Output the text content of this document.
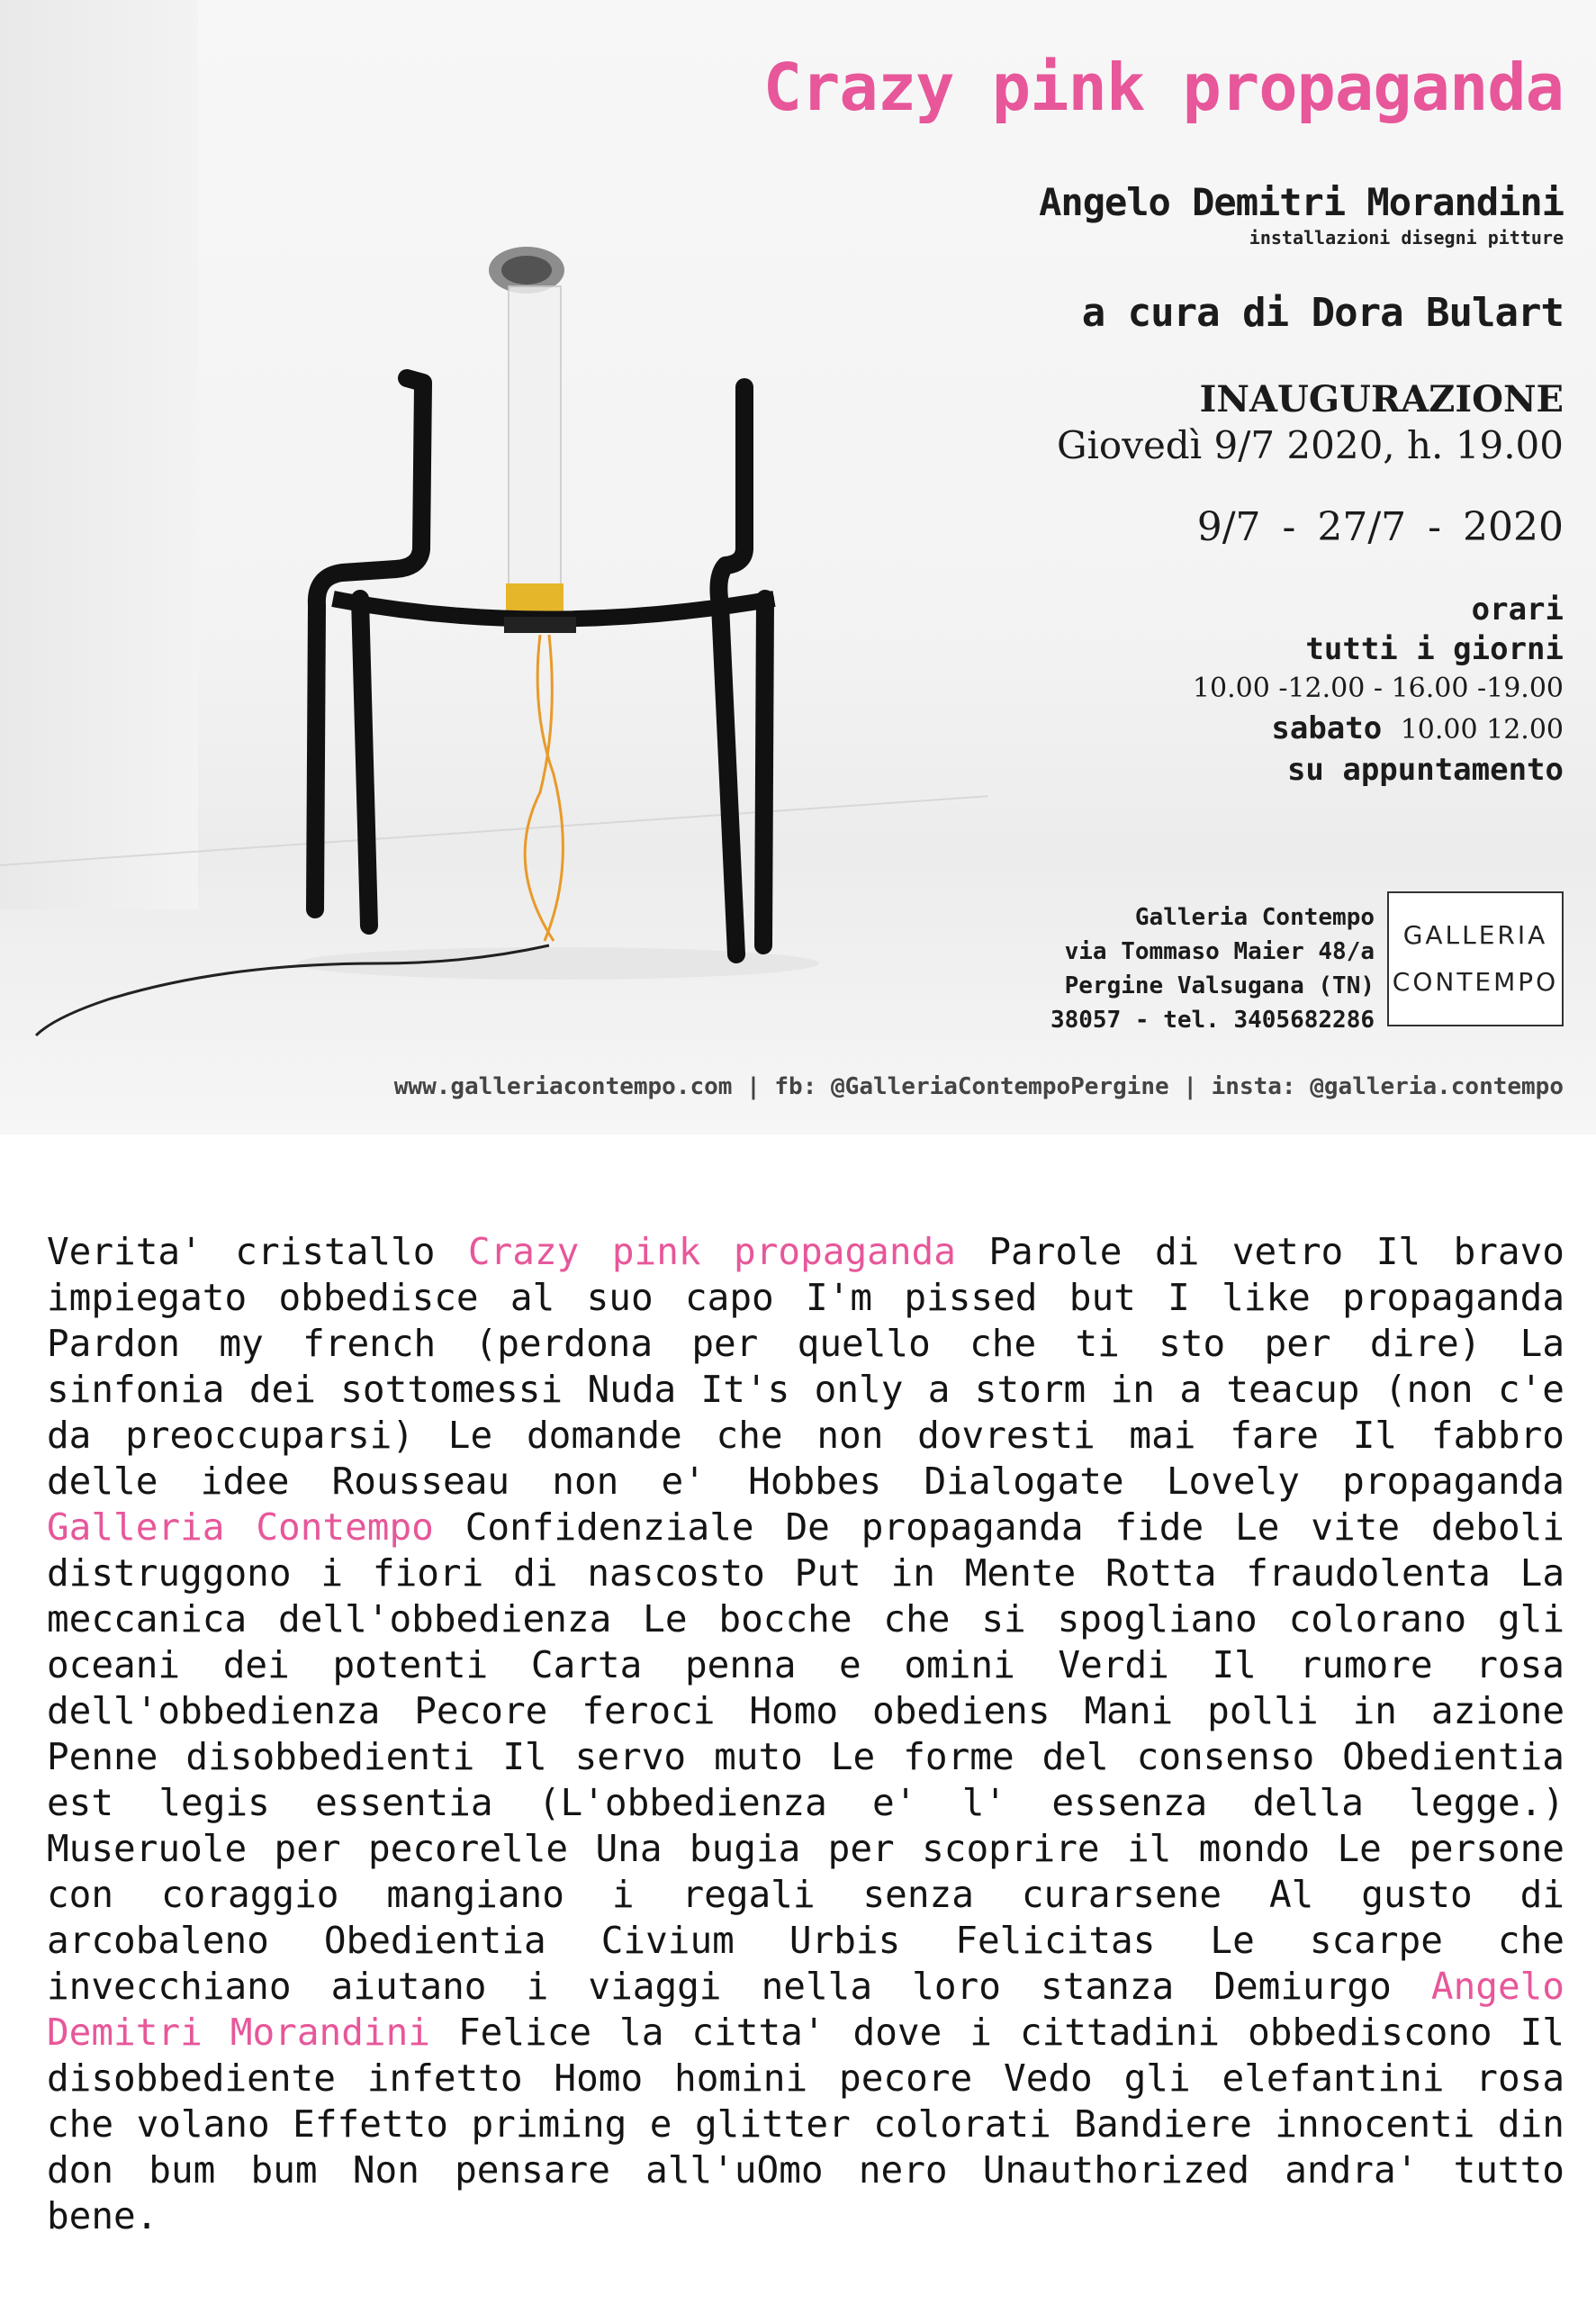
Crazy pink propaganda
Angelo Demitri Morandini
installazioni disegni pitture
a cura di Dora Bulart
INAUGURAZIONE
Giovedì 9/7 2020, h. 19.00
9/7 - 27/7 - 2020
orari
tutti i giorni
10.00 -12.00 - 16.00 -19.00
sabato 10.00 12.00
su appuntamento
Galleria Contempo
via Tommaso Maier 48/a
Pergine Valsugana (TN)
38057 - tel. 3405682286
GALLERIA
CONTEMPO
www.galleriacontempo.com | fb: @GalleriaContempoPergine | insta: @galleria.contempo

Verita' cristallo Crazy pink propaganda Parole di vetro Il bravo impiegato obbedisce al suo capo I'm pissed but I like propaganda Pardon my french (perdona per quello che ti sto per dire) La sinfonia dei sottomessi Nuda It's only a storm in a teacup (non c'e da preoccuparsi) Le domande che non dovresti mai fare Il fabbro delle idee Rousseau non e' Hobbes Dialogate Lovely propaganda Galleria Contempo Confidenziale De propaganda fide Le vite deboli distruggono i fiori di nascosto Put in Mente Rotta fraudolenta La meccanica dell'obbedienza Le bocche che si spogliano colorano gli oceani dei potenti Carta penna e omini Verdi Il rumore rosa dell'obbedienza Pecore feroci Homo obediens Mani polli in azione Penne disobbedienti Il servo muto Le forme del consenso Obedientia est legis essentia (L'obbedienza e' l' essenza della legge.) Museruole per pecorelle Una bugia per scoprire il mondo Le persone con coraggio mangiano i regali senza curarsene Al gusto di arcobaleno Obedientia Civium Urbis Felicitas Le scarpe che invecchiano aiutano i viaggi nella loro stanza Demiurgo Angelo Demitri Morandini Felice la citta' dove i cittadini obbediscono Il disobbediente infetto Homo homini pecore Vedo gli elefantini rosa che volano Effetto priming e glitter colorati Bandiere innocenti din don bum bum Non pensare all'uOmo nero Unauthorized andra' tutto bene.
